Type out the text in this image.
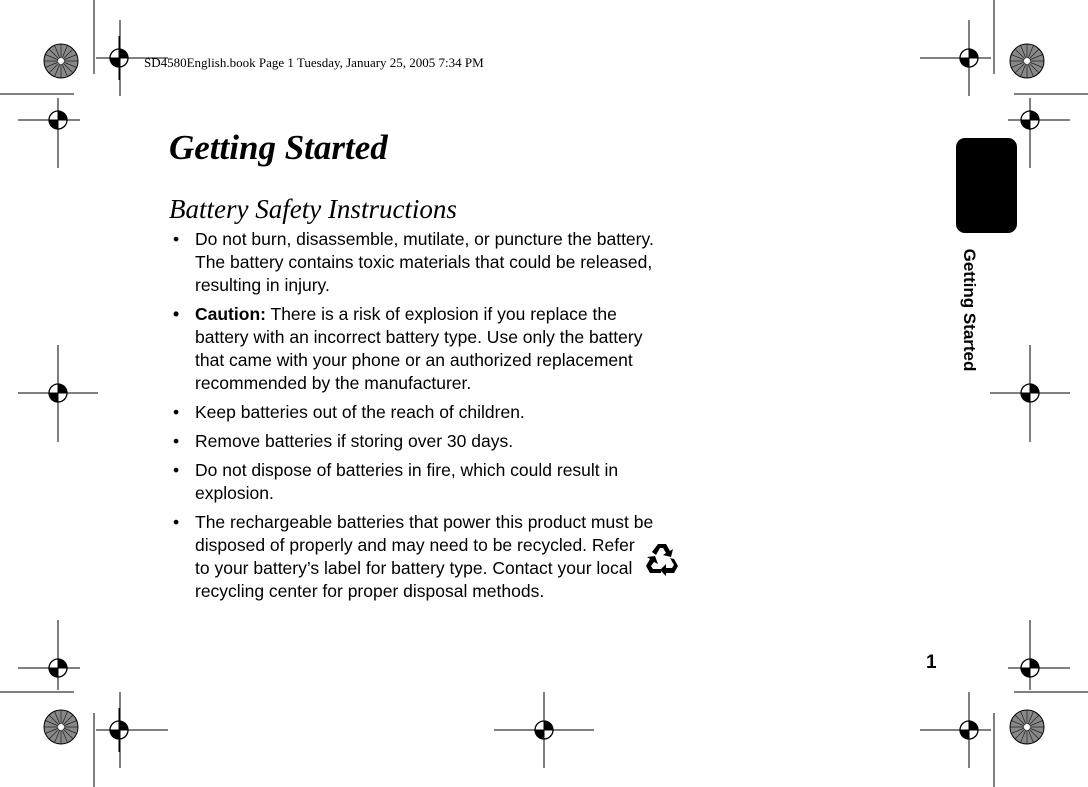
SD4580English.book Page 1 Tuesday, January 25, 2005 7:34 PM
Getting Started
Battery Safety Instructions
• Do not burn, disassemble, mutilate, or puncture the battery. The battery contains toxic materials that could be released, resulting in injury.
• Caution: There is a risk of explosion if you replace the battery with an incorrect battery type. Use only the battery that came with your phone or an authorized replacement recommended by the manufacturer.
• Keep batteries out of the reach of children.
• Remove batteries if storing over 30 days.
• Do not dispose of batteries in fire, which could result in explosion.
• The rechargeable batteries that power this product must be disposed of properly and may need to be recycled. Refer to your battery’s label for battery type. Contact your local recycling center for proper disposal methods.
Getting Started
1
